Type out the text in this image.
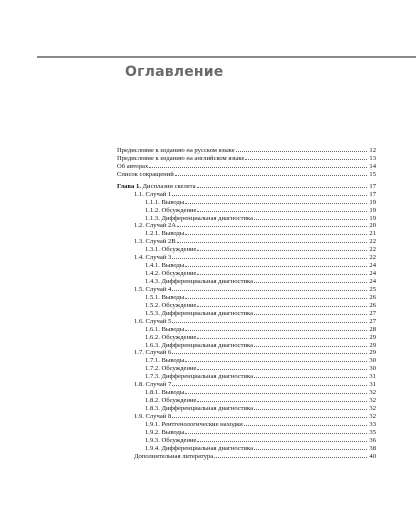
Оглавление
Предисловие к изданию на русском языке	12
Предисловие к изданию на английском языке	13
Об авторах	14
Список сокращений	15
Глава 1. Дисплазии скелета	17
1.1. Случай 1	17
1.1.1. Выводы	19
1.1.2. Обсуждение	19
1.1.3. Дифференциальная диагностика	19
1.2. Случай 2A	20
1.2.1. Выводы	21
1.3. Случай 2B	22
1.3.1. Обсуждение	22
1.4. Случай 3	22
1.4.1. Выводы	24
1.4.2. Обсуждение	24
1.4.3. Дифференциальная диагностика	24
1.5. Случай 4	25
1.5.1. Выводы	26
1.5.2. Обсуждение	26
1.5.3. Дифференциальная диагностика	27
1.6. Случай 5	27
1.6.1. Выводы	28
1.6.2. Обсуждение	29
1.6.3. Дифференциальная диагностика	29
1.7. Случай 6	29
1.7.1. Выводы	30
1.7.2. Обсуждение	30
1.7.3. Дифференциальная диагностика	31
1.8. Случай 7	31
1.8.1. Выводы	32
1.8.2. Обсуждение	32
1.8.3. Дифференциальная диагностика	32
1.9. Случай 8	32
1.9.1. Рентгенологические находки	33
1.9.2. Выводы	35
1.9.3. Обсуждение	36
1.9.4. Дифференциальная диагностика	38
Дополнительная литература	40
